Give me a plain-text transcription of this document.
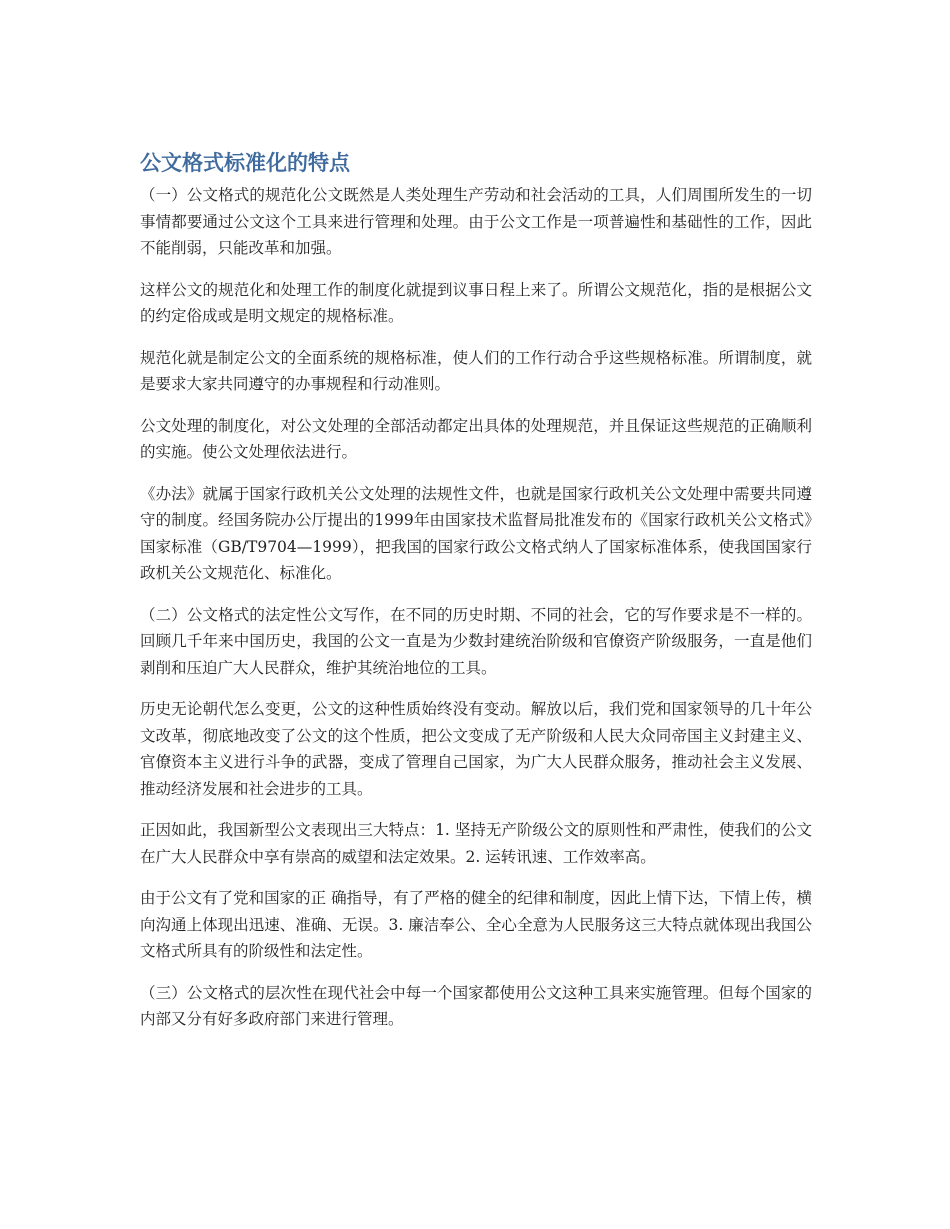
公文格式标准化的特点

（一）公文格式的规范化公文既然是人类处理生产劳动和社会活动的工具，人们周围所发生的一切事情都要通过公文这个工具来进行管理和处理。由于公文工作是一项普遍性和基础性的工作，因此不能削弱，只能改革和加强。

这样公文的规范化和处理工作的制度化就提到议事日程上来了。所谓公文规范化，指的是根据公文的约定俗成或是明文规定的规格标准。

规范化就是制定公文的全面系统的规格标准，使人们的工作行动合乎这些规格标准。所谓制度，就是要求大家共同遵守的办事规程和行动准则。

公文处理的制度化，对公文处理的全部活动都定出具体的处理规范，并且保证这些规范的正确顺利的实施。使公文处理依法进行。

《办法》就属于国家行政机关公文处理的法规性文件，也就是国家行政机关公文处理中需要共同遵守的制度。经国务院办公厅提出的1999年由国家技术监督局批准发布的《国家行政机关公文格式》国家标准（GB/T9704—1999），把我国的国家行政公文格式纳人了国家标准体系，使我国国家行政机关公文规范化、标准化。

（二）公文格式的法定性公文写作，在不同的历史时期、不同的社会，它的写作要求是不一样的。回顾几千年来中国历史，我国的公文一直是为少数封建统治阶级和官僚资产阶级服务，一直是他们剥削和压迫广大人民群众，维护其统治地位的工具。

历史无论朝代怎么变更，公文的这种性质始终没有变动。解放以后，我们党和国家领导的几十年公文改革，彻底地改变了公文的这个性质，把公文变成了无产阶级和人民大众同帝国主义封建主义、官僚资本主义进行斗争的武器，变成了管理自己国家，为广大人民群众服务，推动社会主义发展、推动经济发展和社会进步的工具。

正因如此，我国新型公文表现出三大特点：1. 坚持无产阶级公文的原则性和严肃性，使我们的公文 在广大人民群众中享有崇高的威望和法定效果。2. 运转讯速、工作效率高。

由于公文有了党和国家的正 确指导，有了严格的健全的纪律和制度，因此上情下达，下情上传，横向沟通上体现出迅速、准确、无误。3. 廉洁奉公、全心全意为人民服务这三大特点就体现出我国公文格式所具有的阶级性和法定性。

（三）公文格式的层次性在现代社会中每一个国家都使用公文这种工具来实施管理。但每个国家的内部又分有好多政府部门来进行管理。
